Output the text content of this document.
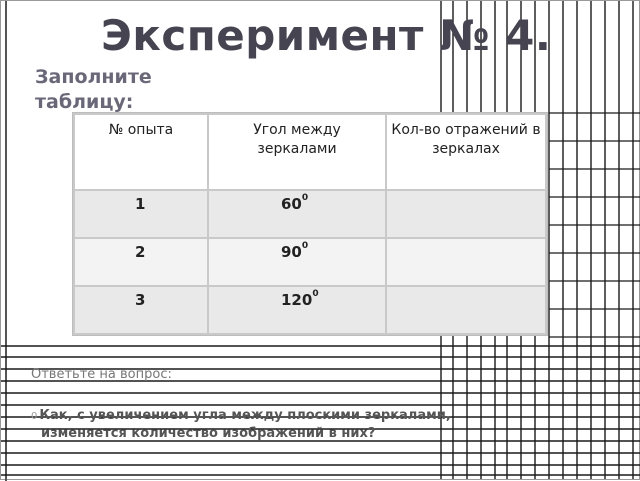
Эксперимент № 4.
Заполните таблицу:
№ опыта	Угол между зеркалами	Кол-во отражений в зеркалах

1	$60^0$

2	$90^0$

3	$120^0$

Ответьте на вопрос:
0 Как, с увеличением угла между плоскими зеркалами,
изменяется количество изображений в них?
